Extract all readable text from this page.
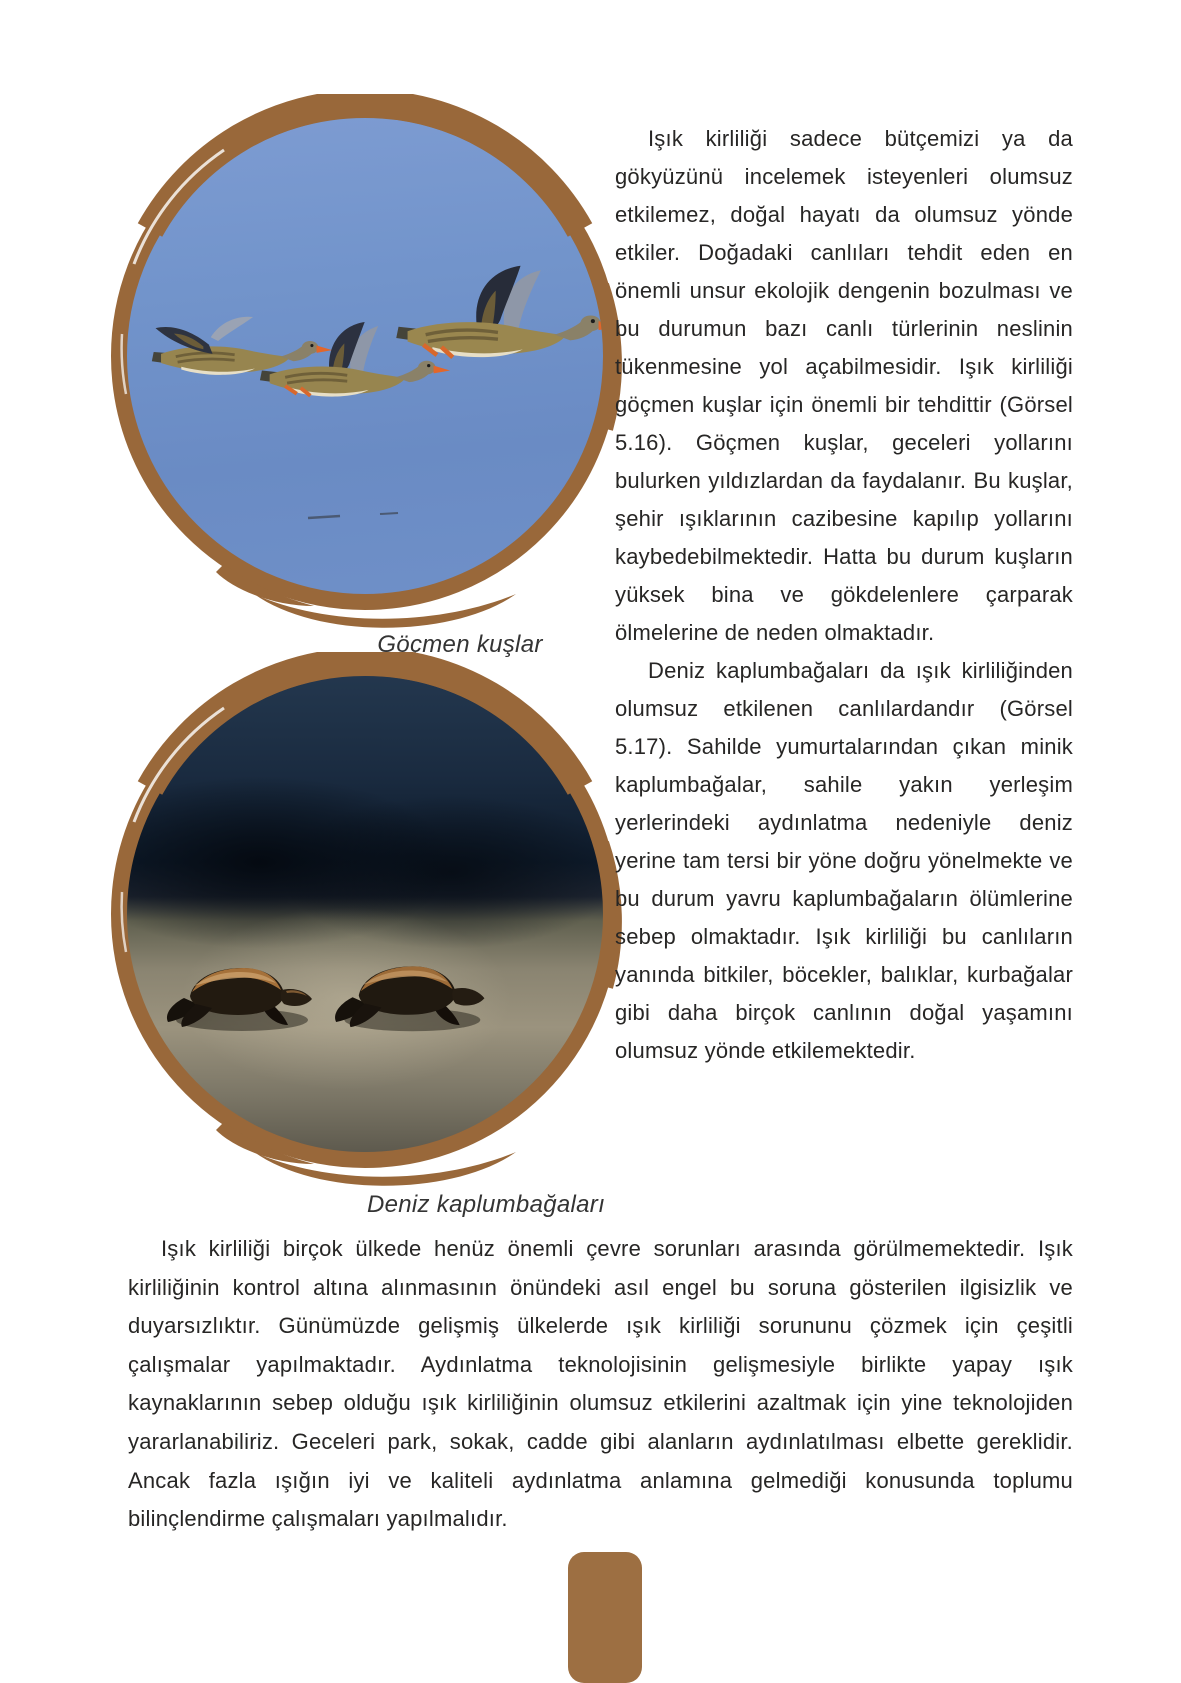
Göçmen kuşlar
Deniz kaplumbağaları

Işık kirliliği sadece bütçemizi ya da gökyüzünü incelemek isteyenleri olumsuz etkilemez, doğal hayatı da olumsuz yönde etkiler. Doğadaki canlıları tehdit eden en önemli unsur ekolojik dengenin bozulması ve bu durumun bazı canlı türlerinin neslinin tükenmesine yol açabilmesidir. Işık kirliliği göçmen kuşlar için önemli bir tehdittir (Görsel 5.16). Göçmen kuşlar, geceleri yollarını bulurken yıldızlardan da faydalanır. Bu kuşlar, şehir ışıklarının cazibesine kapılıp yollarını kaybedebilmektedir. Hatta bu durum kuşların yüksek bina ve gökdelenlere çarparak ölmelerine de neden olmaktadır.

Deniz kaplumbağaları da ışık kirliliğinden olumsuz etkilenen canlılardandır (Görsel 5.17). Sahilde yumurtalarından çıkan minik kaplumbağalar, sahile yakın yerleşim yerlerindeki aydınlatma nedeniyle deniz yerine tam tersi bir yöne doğru yönelmekte ve bu durum yavru kaplumbağaların ölümlerine sebep olmaktadır. Işık kirliliği bu canlıların yanında bitkiler, böcekler, balıklar, kurbağalar gibi daha birçok canlının doğal yaşamını olumsuz yönde etkilemektedir.

Işık kirliliği birçok ülkede henüz önemli çevre sorunları arasında görülmemektedir. Işık kirliliğinin kontrol altına alınmasının önündeki asıl engel bu soruna gösterilen ilgisizlik ve duyarsızlıktır. Günümüzde gelişmiş ülkelerde ışık kirliliği sorununu çözmek için çeşitli çalışmalar yapılmaktadır. Aydınlatma teknolojisinin gelişmesiyle birlikte yapay ışık kaynaklarının sebep olduğu ışık kirliliğinin olumsuz etkilerini azaltmak için yine teknolojiden yararlanabiliriz. Geceleri park, sokak, cadde gibi alanların aydınlatılması elbette gereklidir. Ancak fazla ışığın iyi ve kaliteli aydınlatma anlamına gelmediği konusunda toplumu bilinçlendirme çalışmaları yapılmalıdır.
